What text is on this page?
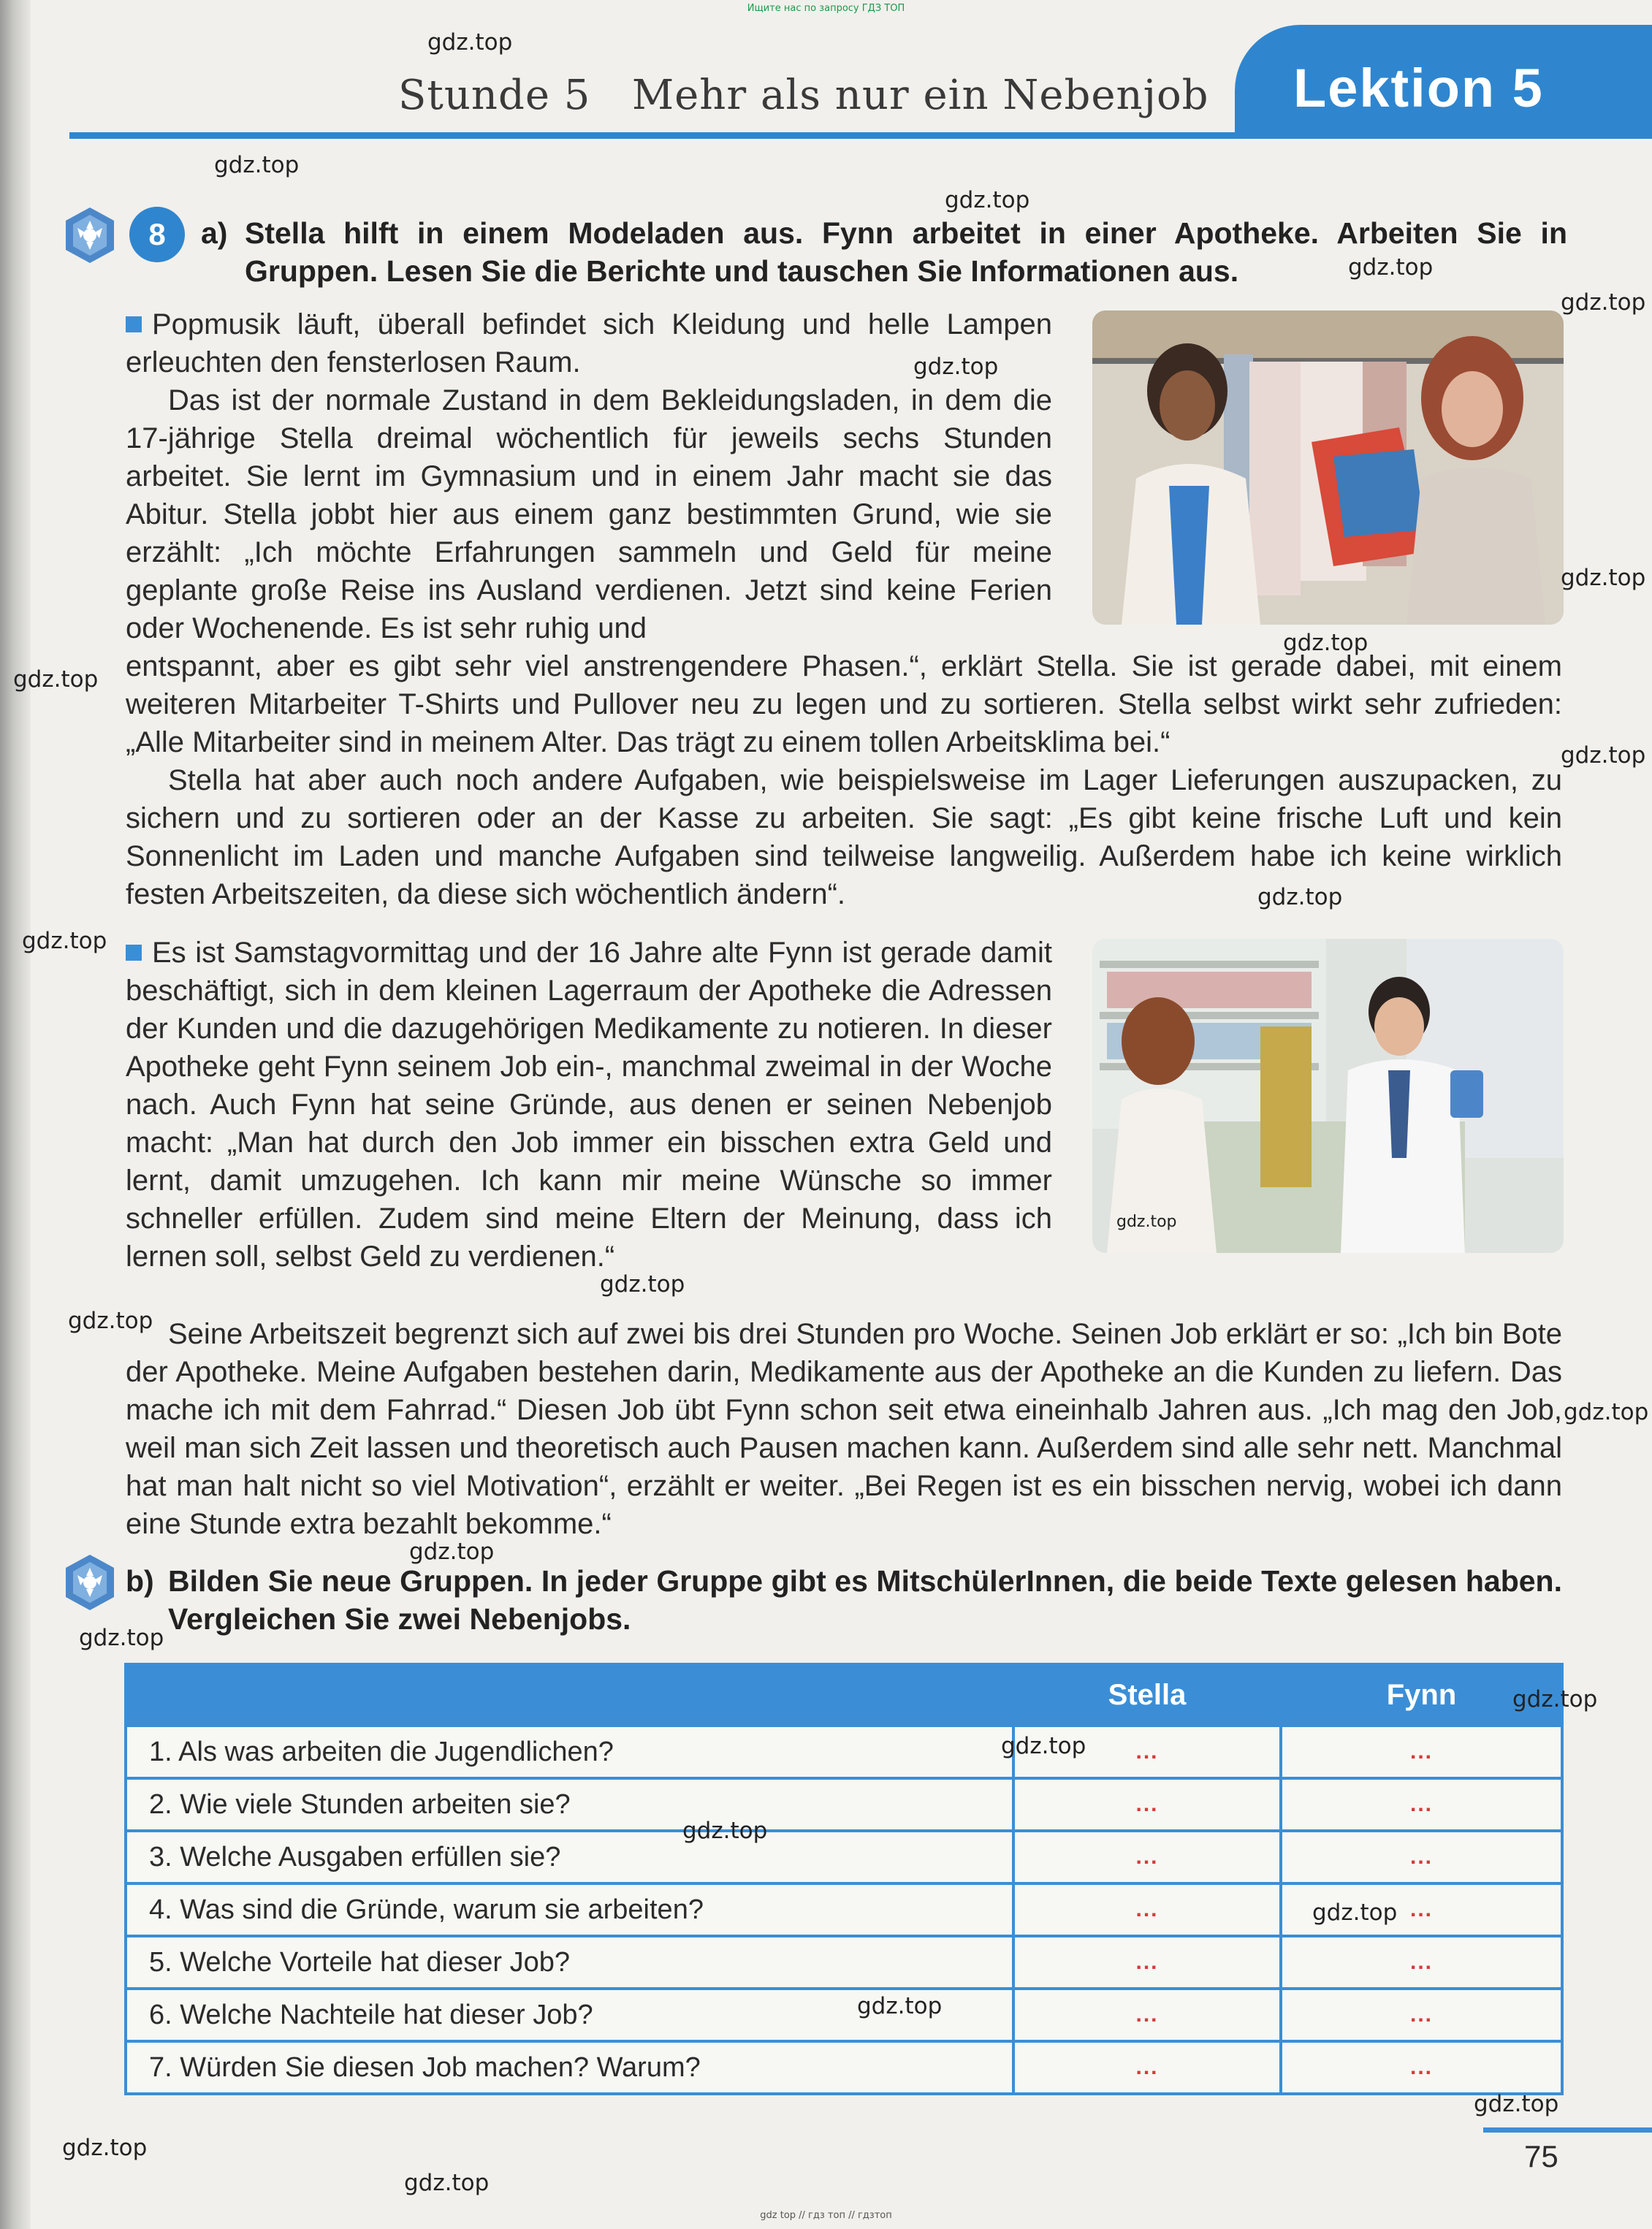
Ищите нас по запросу ГДЗ ТОП
Stunde 5   Mehr als nur ein Nebenjob Lektion 5
8	a) Stella hilft in einem Modeladen aus. Fynn arbeitet in einer Apotheke. Arbeiten Sie in Gruppen. Lesen Sie die Berichte und tauschen Sie Informationen aus.

Popmusik läuft, überall befindet sich Kleidung und helle Lampen erleuchten den fensterlosen Raum.

Das ist der normale Zustand in dem Bekleidungsladen, in dem die 17-jährige Stella dreimal wöchentlich für jeweils sechs Stunden arbeitet. Sie lernt im Gymnasium und in einem Jahr macht sie das Abitur. Stella jobbt hier aus einem ganz bestimmten Grund, wie sie erzählt: „Ich möchte Erfahrungen sammeln und Geld für meine geplante große Reise ins Ausland verdienen. Jetzt sind keine Ferien oder Wochenende. Es ist sehr ruhig und

entspannt, aber es gibt sehr viel anstrengendere Phasen.“, erklärt Stella. Sie ist gerade dabei, mit einem weiteren Mitarbeiter T-Shirts und Pullover neu zu legen und zu sortieren. Stella selbst wirkt sehr zufrieden: „Alle Mitarbeiter sind in meinem Alter. Das trägt zu einem tollen Arbeitsklima bei.“

Stella hat aber auch noch andere Aufgaben, wie beispielsweise im Lager Lieferungen auszupacken, zu sichern und zu sortieren oder an der Kasse zu arbeiten. Sie sagt: „Es gibt keine frische Luft und kein Sonnenlicht im Laden und manche Aufgaben sind teilweise langweilig. Außerdem habe ich keine wirklich festen Arbeitszeiten, da diese sich wöchentlich ändern“.

Es ist Samstagvormittag und der 16 Jahre alte Fynn ist gerade damit beschäftigt, sich in dem kleinen Lagerraum der Apotheke die Adressen der Kunden und die dazugehörigen Medikamente zu notieren. In dieser Apotheke geht Fynn seinem Job ein-, manchmal zweimal in der Woche nach. Auch Fynn hat seine Gründe, aus denen er seinen Nebenjob macht: „Man hat durch den Job immer ein bisschen extra Geld und lernt, damit umzugehen. Ich kann mir meine Wünsche so immer schneller erfüllen. Zudem sind meine Eltern der Meinung, dass ich lernen soll, selbst Geld zu verdienen.“

Seine Arbeitszeit begrenzt sich auf zwei bis drei Stunden pro Woche. Seinen Job erklärt er so: „Ich bin Bote der Apotheke. Meine Aufgaben bestehen darin, Medikamente aus der Apotheke an die Kunden zu liefern. Das mache ich mit dem Fahrrad.“ Diesen Job übt Fynn schon seit etwa eineinhalb Jahren aus. „Ich mag den Job, weil man sich Zeit lassen und theoretisch auch Pausen machen kann. Außerdem sind alle sehr nett. Manchmal hat man halt nicht so viel Motivation“, erzählt er weiter. „Bei Regen ist es ein bisschen nervig, wobei ich dann eine Stunde extra bezahlt bekomme.“

b) Bilden Sie neue Gruppen. In jeder Gruppe gibt es MitschülerInnen, die beide Texte gelesen haben. Vergleichen Sie zwei Nebenjobs.
	Stella	Fynn
1. Als was arbeiten die Jugendlichen?	...	...
2. Wie viele Stunden arbeiten sie?	...	...
3. Welche Ausgaben erfüllen sie?	...	...
4. Was sind die Gründe, warum sie arbeiten?	...	...
5. Welche Vorteile hat dieser Job?	...	...
6. Welche Nachteile hat dieser Job?	...	...
7. Würden Sie diesen Job machen? Warum?	...	...
75
gdz.top
gdz.top
gdz.top
gdz.top
gdz.top
gdz.top
gdz.top
gdz.top
gdz.top
gdz.top
gdz.top
gdz.top
gdz.top
gdz.top
gdz.top
gdz.top
gdz.top
gdz.top
gdz.top
gdz.top
gdz.top
gdz.top
gdz.top
gdz.top
gdz.top
gdz.top
gdz top // гдз топ // гдзтоп
